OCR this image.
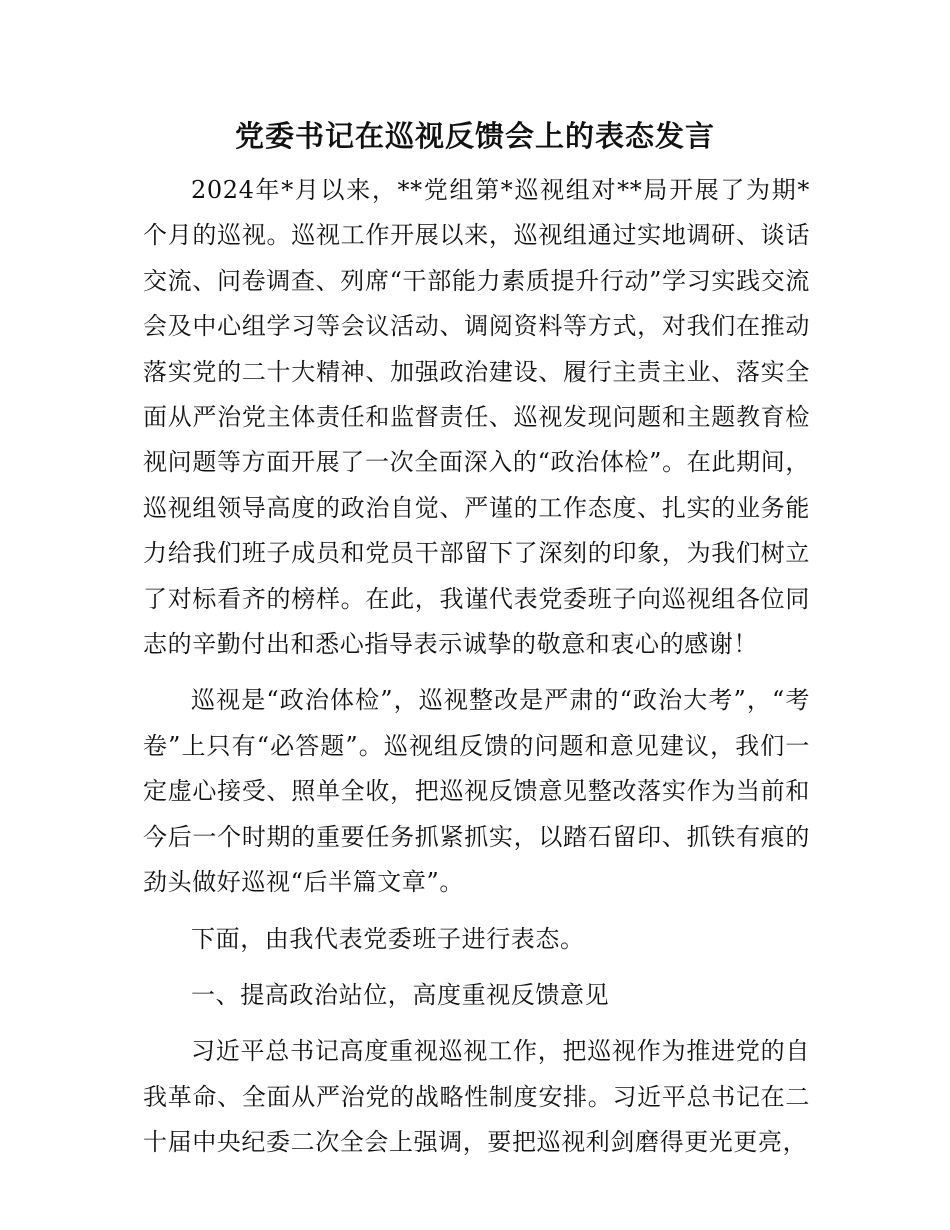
党委书记在巡视反馈会上的表态发言

2024年*月以来，**党组第*巡视组对**局开展了为期*个月的巡视。巡视工作开展以来，巡视组通过实地调研、谈话交流、问卷调查、列席“干部能力素质提升行动”学习实践交流会及中心组学习等会议活动、调阅资料等方式，对我们在推动落实党的二十大精神、加强政治建设、履行主责主业、落实全面从严治党主体责任和监督责任、巡视发现问题和主题教育检视问题等方面开展了一次全面深入的“政治体检”。在此期间，巡视组领导高度的政治自觉、严谨的工作态度、扎实的业务能力给我们班子成员和党员干部留下了深刻的印象，为我们树立了对标看齐的榜样。在此，我谨代表党委班子向巡视组各位同志的辛勤付出和悉心指导表示诚挚的敬意和衷心的感谢！

巡视是“政治体检”，巡视整改是严肃的“政治大考”，“考卷”上只有“必答题”。巡视组反馈的问题和意见建议，我们一定虚心接受、照单全收，把巡视反馈意见整改落实作为当前和今后一个时期的重要任务抓紧抓实，以踏石留印、抓铁有痕的劲头做好巡视“后半篇文章”。

下面，由我代表党委班子进行表态。

一、提高政治站位，高度重视反馈意见

习近平总书记高度重视巡视工作，把巡视作为推进党的自我革命、全面从严治党的战略性制度安排。习近平总书记在二十届中央纪委二次全会上强调，要把巡视利剑磨得更光更亮，
